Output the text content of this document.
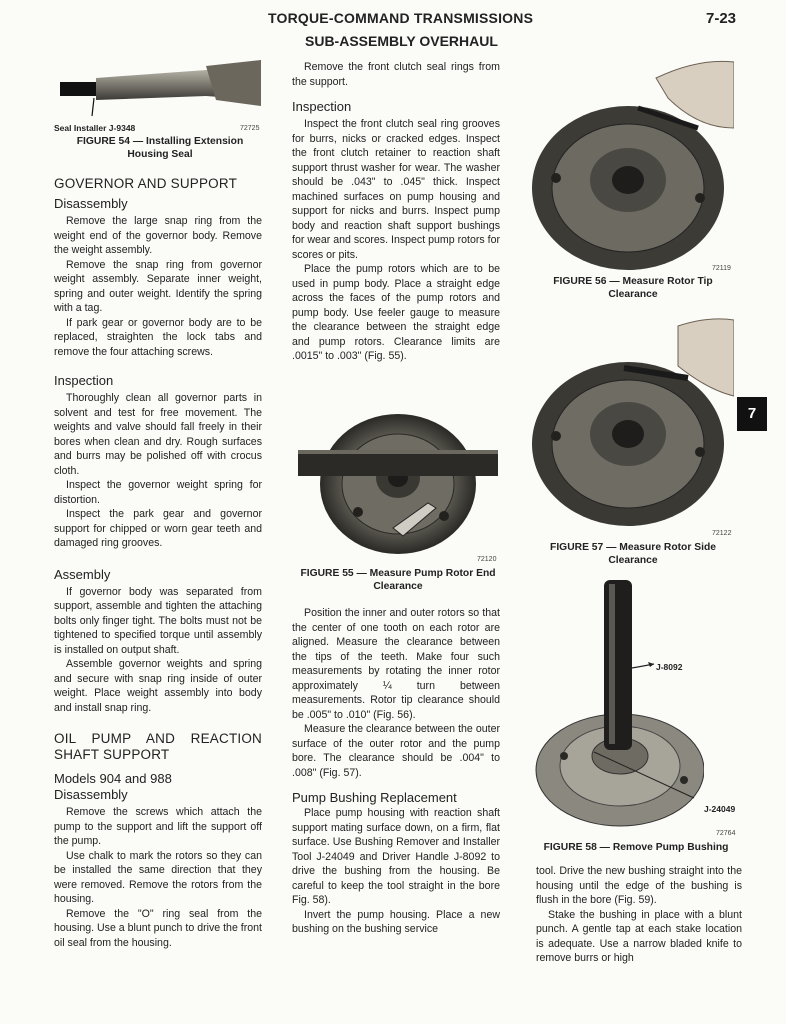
TORQUE-COMMAND TRANSMISSIONS	7-23
SUB-ASSEMBLY OVERHAUL
Seal Installer J-9348	72725
FIGURE 54 — Installing Extension Housing Seal
GOVERNOR AND SUPPORT
Disassembly

Remove the large snap ring from the weight end of the governor body. Remove the weight assembly.

Remove the snap ring from governor weight assembly. Separate inner weight, spring and outer weight. Identify the spring with a tag.

If park gear or governor body are to be replaced, straighten the lock tabs and remove the four attaching screws.

Inspection

Thoroughly clean all governor parts in solvent and test for free movement. The weights and valve should fall freely in their bores when clean and dry. Rough surfaces and burrs may be polished off with crocus cloth.

Inspect the governor weight spring for distortion.

Inspect the park gear and governor support for chipped or worn gear teeth and damaged ring grooves.

Assembly

If governor body was separated from support, assemble and tighten the attaching bolts only finger tight. The bolts must not be tightened to specified torque until assembly is installed on output shaft.

Assemble governor weights and spring and secure with snap ring inside of outer weight. Place weight assembly into body and install snap ring.

OIL PUMP AND REACTION SHAFT SUPPORT
Models 904 and 988
Disassembly

Remove the screws which attach the pump to the support and lift the support off the pump.

Use chalk to mark the rotors so they can be installed the same direction that they were removed. Remove the rotors from the housing.

Remove the "O" ring seal from the housing. Use a blunt punch to drive the front oil seal from the housing.

Remove the front clutch seal rings from the support.

Inspection

Inspect the front clutch seal ring grooves for burrs, nicks or cracked edges. Inspect the front clutch retainer to reaction shaft support thrust washer for wear. The washer should be .043" to .045" thick. Inspect machined surfaces on pump housing and support for nicks and burrs. Inspect pump body and reaction shaft support bushings for wear and scores. Inspect pump rotors for scores or pits.

Place the pump rotors which are to be used in pump body. Place a straight edge across the faces of the pump rotors and pump body. Use feeler gauge to measure the clearance between the straight edge and pump rotors. Clearance limits are .0015" to .003" (Fig. 55).

72120
FIGURE 55 — Measure Pump Rotor End Clearance

Position the inner and outer rotors so that the center of one tooth on each rotor are aligned. Measure the clearance between the tips of the teeth. Make four such measurements by rotating the inner rotor approximately ¼ turn between measurements. Rotor tip clearance should be .005" to .010" (Fig. 56).

Measure the clearance between the outer surface of the outer rotor and the pump bore. The clearance should be .004" to .008" (Fig. 57).

Pump Bushing Replacement

Place pump housing with reaction shaft support mating surface down, on a firm, flat surface. Use Bushing Remover and Installer Tool J-24049 and Driver Handle J-8092 to drive the bushing from the housing. Be careful to keep the tool straight in the bore Fig. 58).

Invert the pump housing. Place a new bushing on the bushing service

72119
FIGURE 56 — Measure Rotor Tip Clearance
7
72122
FIGURE 57 — Measure Rotor Side Clearance
J-8092
J-24049
72764
FIGURE 58 — Remove Pump Bushing

tool. Drive the new bushing straight into the housing until the edge of the bushing is flush in the bore (Fig. 59).

Stake the bushing in place with a blunt punch. A gentle tap at each stake location is adequate. Use a narrow bladed knife to remove burrs or high
